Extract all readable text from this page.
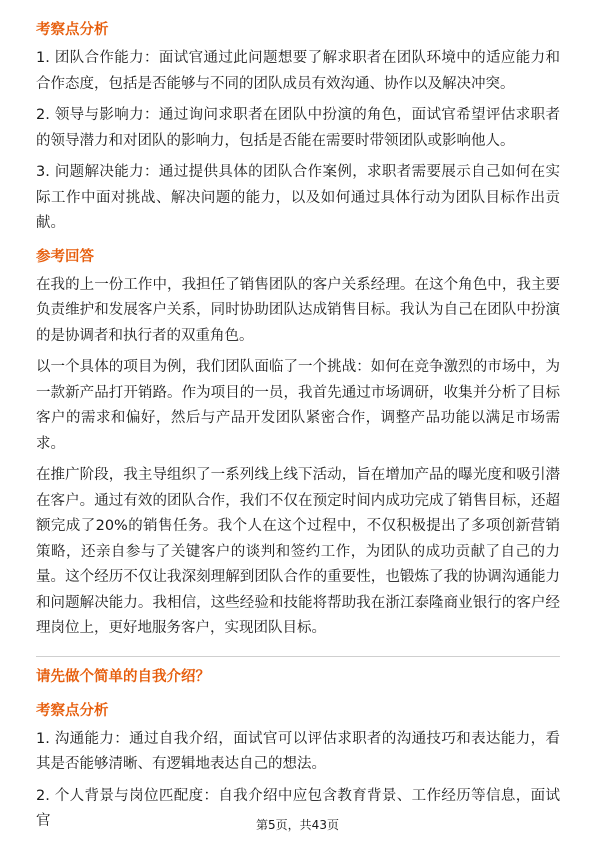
考察点分析

1. 团队合作能力：面试官通过此问题想要了解求职者在团队环境中的适应能力和合作态度，包括是否能够与不同的团队成员有效沟通、协作以及解决冲突。

2. 领导与影响力：通过询问求职者在团队中扮演的角色，面试官希望评估求职者的领导潜力和对团队的影响力，包括是否能在需要时带领团队或影响他人。

3. 问题解决能力：通过提供具体的团队合作案例，求职者需要展示自己如何在实际工作中面对挑战、解决问题的能力，以及如何通过具体行动为团队目标作出贡献。

参考回答

在我的上一份工作中，我担任了销售团队的客户关系经理。在这个角色中，我主要负责维护和发展客户关系，同时协助团队达成销售目标。我认为自己在团队中扮演的是协调者和执行者的双重角色。

以一个具体的项目为例，我们团队面临了一个挑战：如何在竞争激烈的市场中，为一款新产品打开销路。作为项目的一员，我首先通过市场调研，收集并分析了目标客户的需求和偏好，然后与产品开发团队紧密合作，调整产品功能以满足市场需求。

在推广阶段，我主导组织了一系列线上线下活动，旨在增加产品的曝光度和吸引潜在客户。通过有效的团队合作，我们不仅在预定时间内成功完成了销售目标，还超额完成了20%的销售任务。我个人在这个过程中，不仅积极提出了多项创新营销策略，还亲自参与了关键客户的谈判和签约工作，为团队的成功贡献了自己的力量。这个经历不仅让我深刻理解到团队合作的重要性，也锻炼了我的协调沟通能力和问题解决能力。我相信，这些经验和技能将帮助我在浙江泰隆商业银行的客户经理岗位上，更好地服务客户，实现团队目标。

请先做个简单的自我介绍？
考察点分析

1. 沟通能力：通过自我介绍，面试官可以评估求职者的沟通技巧和表达能力，看其是否能够清晰、有逻辑地表达自己的想法。

2. 个人背景与岗位匹配度：自我介绍中应包含教育背景、工作经历等信息，面试官	第5页，共43页
